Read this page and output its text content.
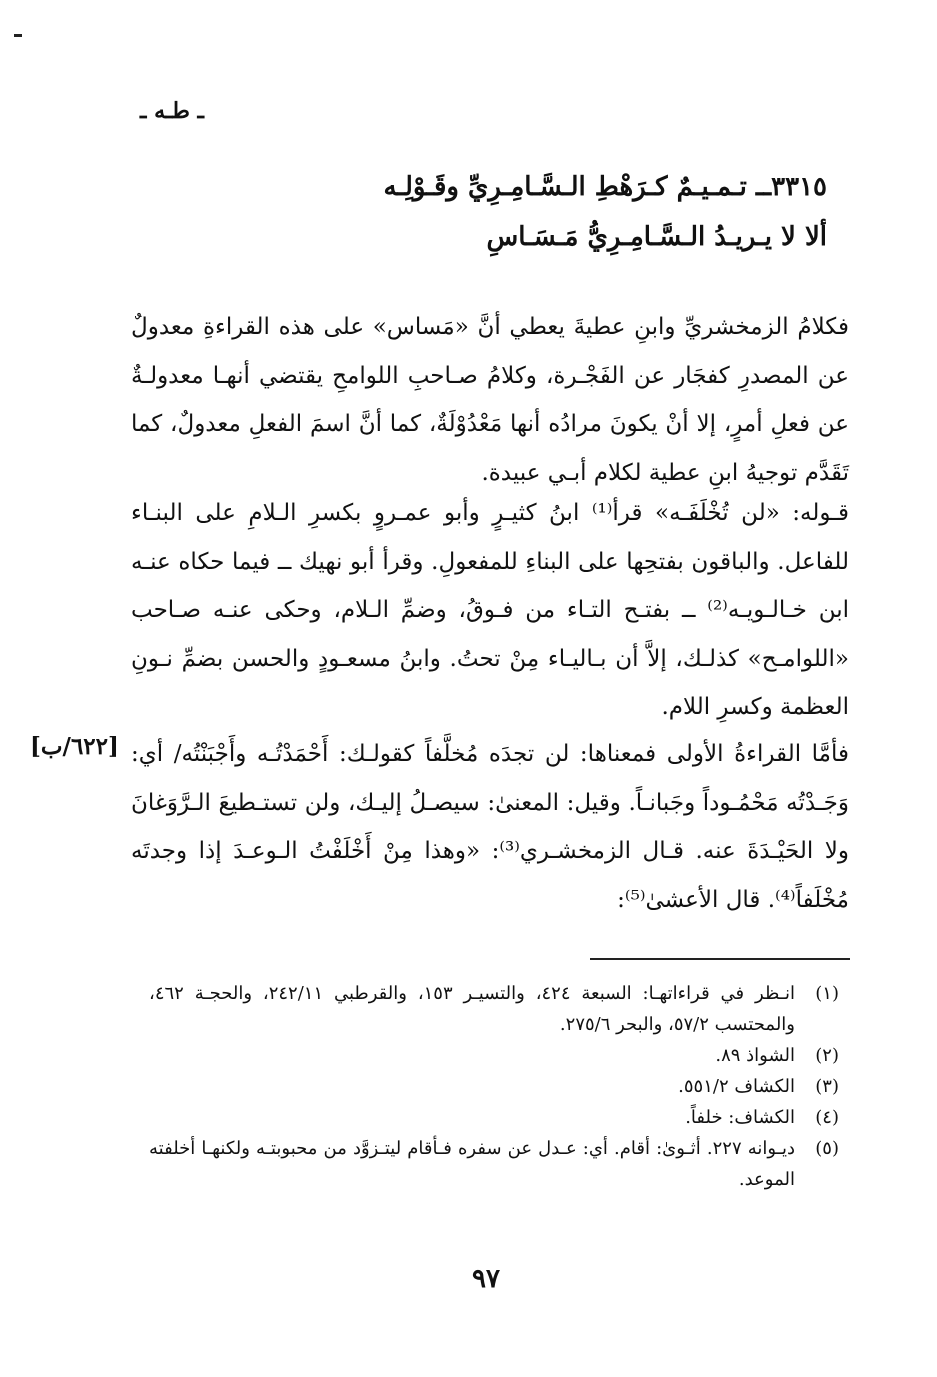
ـ طـه ـ
٣٣١٥ــ تـمـيـمٌ كـرَهْطِ الـسَّـامِـرِيِّ وقَـوْلِـه
ألا لا يـريـدُ الـسَّـامِـرِيُّ مَـسَـاسِ
فكلامُ الزمخشريِّ وابنِ عطيةَ يعطي أنَّ «مَساس» على هذه القراءةِ معدولٌ عن المصدرِ كفجَار عن الفَجْـرة، وكلامُ صـاحبِ اللوامحِ يقتضي أنهـا معدولـةٌ عن فعلِ أمرٍ، إلا أنْ يكونَ مرادُه أنها مَعْدُوْلَةٌ، كما أنَّ اسمَ الفعلِ معدولٌ، كما تَقَدَّم توجيهُ ابنِ عطية لكلام أبـي عبيدة.
قـوله: «لن تُخْلَفَـه» قرأ⁽¹⁾ ابنُ كثيـرٍ وأبو عمـروٍ بكسرِ الـلامِ على البنـاء للفاعل. والباقون بفتحِها على البناءِ للمفعولِ. وقرأ أبو نهيك ــ فيما حكاه عنـه ابن خـالـويـه⁽²⁾ ــ بفتـح التـاء من فـوقُ، وضمِّ الـلام، وحكى عنـه صـاحب «اللوامـح» كذلـك، إلاَّ أن بـاليـاء مِنْ تحتُ. وابنُ مسعـودٍ والحسن بضمِّ نـونِ العظمة وكسرِ اللام.
فأمَّا القراءةُ الأولى فمعناها: لن تجدَه مُخلَّفاً كقولـك: أَحْمَدْتُـه وأَجْبَنْتُه/ أي: وَجَـدْتُه مَحْمُـوداً وجَبانـاً. وقيل: المعنىٰ: سيصـلُ إليـك، ولن تستـطيعَ الـرَّوَغانَ ولا الحَيْـدَةَ عنه. قـال الزمخشـري⁽³⁾: «وهذا مِنْ أَخْلَفْتُ الـوعـدَ إذا وجدتَه مُخْلَفاً⁽⁴⁾. قال الأعشىٰ⁽⁵⁾:
[٦٢٢/ب]
(١)
انـظر في قراءاتهـا: السبعة ٤٢٤، والتسيـر ١٥٣، والقرطبي ٢٤٢/١١، والحجـة ٤٦٢، والمحتسب ٥٧/٢، والبحر ٢٧٥/٦.
(٢)
الشواذ ٨٩.
(٣)
الكشاف ٥٥١/٢.
(٤)
الكشاف: خلفاً.
(٥)
ديـوانه ٢٢٧. أثـوىٰ: أقام. أي: عـدل عن سفره فـأقام ليتـزوَّد من محبوبتـه ولكنهـا أخلفته الموعد.
٩٧
